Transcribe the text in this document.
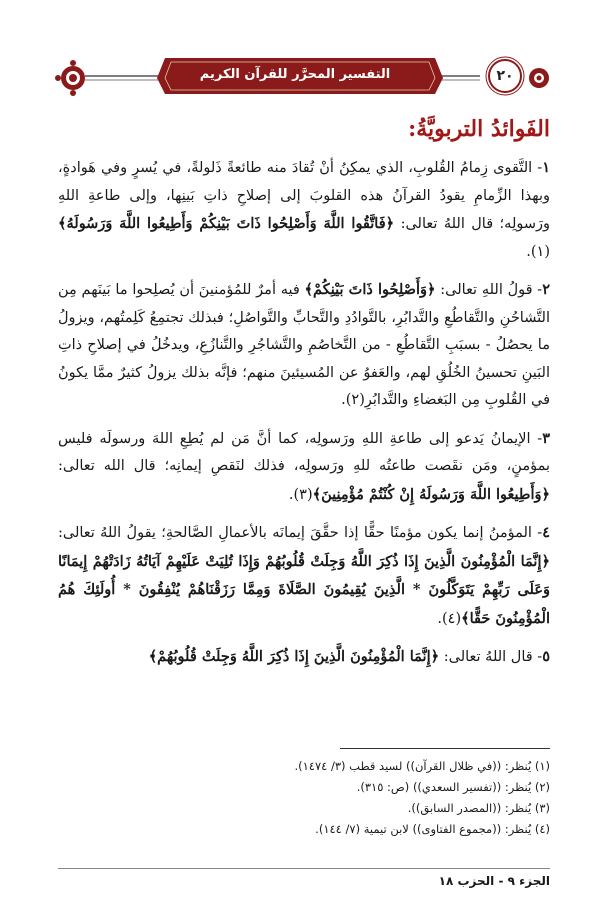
التفسير المحرَّر للقرآن الكريم	٢٠
الفَوائدُ التربويَّةُ:

١- التَّقوى زِمامُ القُلوبِ، الذي يمكِنُ أنْ تُقادَ منه طائعةً ذَلولةً، في يُسرٍ وفي هَوادةٍ، وبهذا الزِّمامِ يقودُ القرآنُ هذه القلوبَ إلى إصلاحِ ذاتِ بَينِها، وإلى طاعةِ اللهِ ورَسولِه؛ قال اللهُ تعالى: ﴿فَاتَّقُوا اللَّهَ وَأَصْلِحُوا ذَاتَ بَيْنِكُمْ وَأَطِيعُوا اللَّهَ وَرَسُولَهُ﴾(١).

٢- قولُ اللهِ تعالى: ﴿وَأَصْلِحُوا ذَاتَ بَيْنِكُمْ﴾ فيه أمرٌ للمُؤمنينَ أن يُصلِحوا ما بَينَهم مِن التَّشاحُنِ والتَّقاطُعِ والتَّدابُرِ، بالتَّوادُدِ والتَّحابِّ والتَّواصُلِ؛ فبذلك تجتمِعُ كَلِمتُهم، ويزولُ ما يحصُلُ - بسبَبِ التَّقاطُعِ - من التَّخاصُمِ والتَّشاجُرِ والتَّنازُعِ، ويدخُلُ في إصلاحِ ذاتِ البَينِ تحسينُ الخُلُقِ لهم، والعَفوُ عن المُسيئينَ منهم؛ فإنَّه بذلك يزولُ كثيرٌ ممَّا يكونُ في القُلوبِ مِن البَغضاءِ والتَّدابُرِ(٢).

٣- الإيمانُ يَدعو إلى طاعةِ اللهِ ورَسولِه، كما أنَّ مَن لم يُطِعِ اللهَ ورسولَه فليس بمؤمنٍ، ومَن نقَصت طاعتُه للهِ ورَسولِه، فذلك لنَقصِ إيمانِه؛ قال الله تعالى: ﴿وَأَطِيعُوا اللَّهَ وَرَسُولَهُ إِنْ كُنْتُمْ مُؤْمِنِينَ﴾(٣).

٤- المؤمنُ إنما يكون مؤمنًا حقًّا إذا حقَّقَ إيمانَه بالأعمالِ الصَّالحةِ؛ يقولُ اللهُ تعالى: ﴿إِنَّمَا الْمُؤْمِنُونَ الَّذِينَ إِذَا ذُكِرَ اللَّهُ وَجِلَتْ قُلُوبُهُمْ وَإِذَا تُلِيَتْ عَلَيْهِمْ آيَاتُهُ زَادَتْهُمْ إِيمَانًا وَعَلَى رَبِّهِمْ يَتَوَكَّلُونَ * الَّذِينَ يُقِيمُونَ الصَّلَاةَ وَمِمَّا رَزَقْنَاهُمْ يُنْفِقُونَ * أُولَئِكَ هُمُ الْمُؤْمِنُونَ حَقًّا﴾(٤).

٥- قال اللهُ تعالى: ﴿إِنَّمَا الْمُؤْمِنُونَ الَّذِينَ إِذَا ذُكِرَ اللَّهُ وَجِلَتْ قُلُوبُهُمْ﴾

(١) يُنظر: ((في ظلال القرآن)) لسيد قطب (٣/ ١٤٧٤).

(٢) يُنظر: ((تفسير السعدي)) (ص: ٣١٥).

(٣) يُنظر: ((المصدر السابق)).

(٤) يُنظر: ((مجموع الفتاوى)) لابن تيمية (٧/ ١٤٤).

الجزء ٩ - الحزب ١٨
